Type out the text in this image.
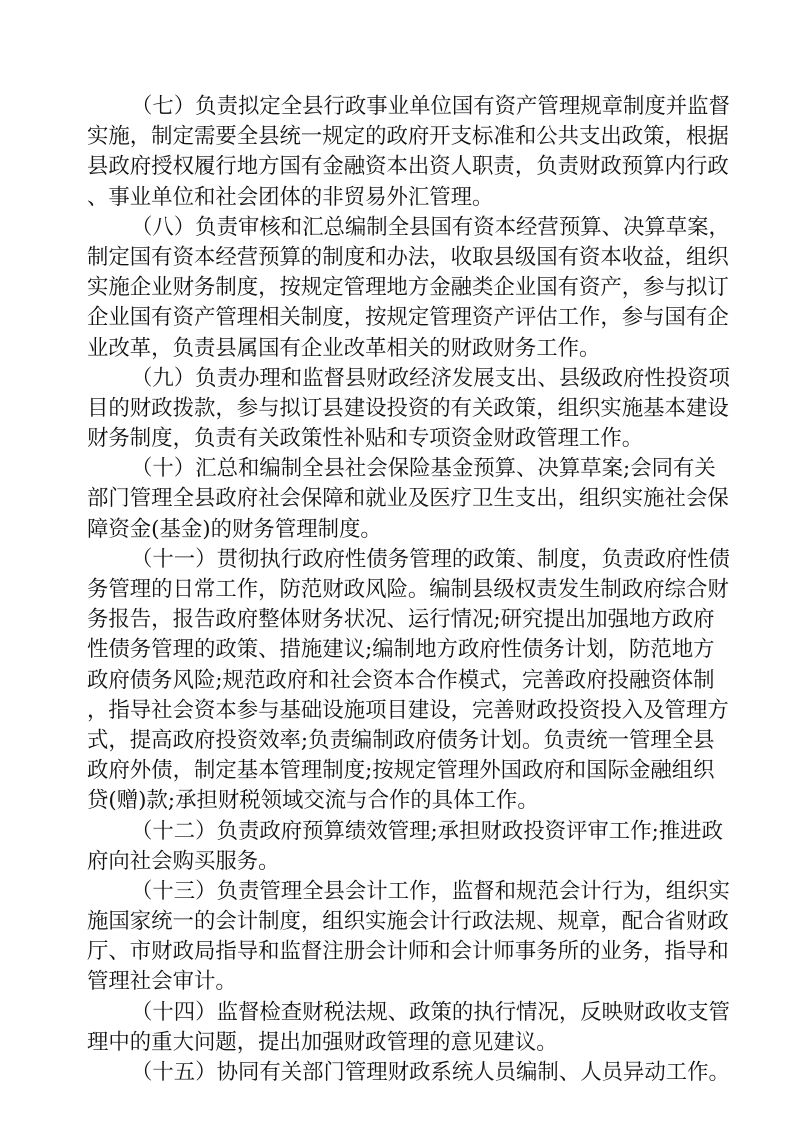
（七）负责拟定全县行政事业单位国有资产管理规章制度并监督
实施，制定需要全县统一规定的政府开支标准和公共支出政策，根据
县政府授权履行地方国有金融资本出资人职责，负责财政预算内行政
、事业单位和社会团体的非贸易外汇管理。
（八）负责审核和汇总编制全县国有资本经营预算、决算草案，
制定国有资本经营预算的制度和办法，收取县级国有资本收益，组织
实施企业财务制度，按规定管理地方金融类企业国有资产，参与拟订
企业国有资产管理相关制度，按规定管理资产评估工作，参与国有企
业改革，负责县属国有企业改革相关的财政财务工作。
（九）负责办理和监督县财政经济发展支出、县级政府性投资项
目的财政拨款，参与拟订县建设投资的有关政策，组织实施基本建设
财务制度，负责有关政策性补贴和专项资金财政管理工作。
（十）汇总和编制全县社会保险基金预算、决算草案;会同有关
部门管理全县政府社会保障和就业及医疗卫生支出，组织实施社会保
障资金(基金)的财务管理制度。
（十一）贯彻执行政府性债务管理的政策、制度，负责政府性债
务管理的日常工作，防范财政风险。编制县级权责发生制政府综合财
务报告，报告政府整体财务状况、运行情况;研究提出加强地方政府
性债务管理的政策、措施建议;编制地方政府性债务计划，防范地方
政府债务风险;规范政府和社会资本合作模式，完善政府投融资体制
，指导社会资本参与基础设施项目建设，完善财政投资投入及管理方
式，提高政府投资效率;负责编制政府债务计划。负责统一管理全县
政府外债，制定基本管理制度;按规定管理外国政府和国际金融组织
贷(赠)款;承担财税领域交流与合作的具体工作。
（十二）负责政府预算绩效管理;承担财政投资评审工作;推进政
府向社会购买服务。
（十三）负责管理全县会计工作，监督和规范会计行为，组织实
施国家统一的会计制度，组织实施会计行政法规、规章，配合省财政
厅、市财政局指导和监督注册会计师和会计师事务所的业务，指导和
管理社会审计。
（十四）监督检查财税法规、政策的执行情况，反映财政收支管
理中的重大问题，提出加强财政管理的意见建议。
（十五）协同有关部门管理财政系统人员编制、人员异动工作。
